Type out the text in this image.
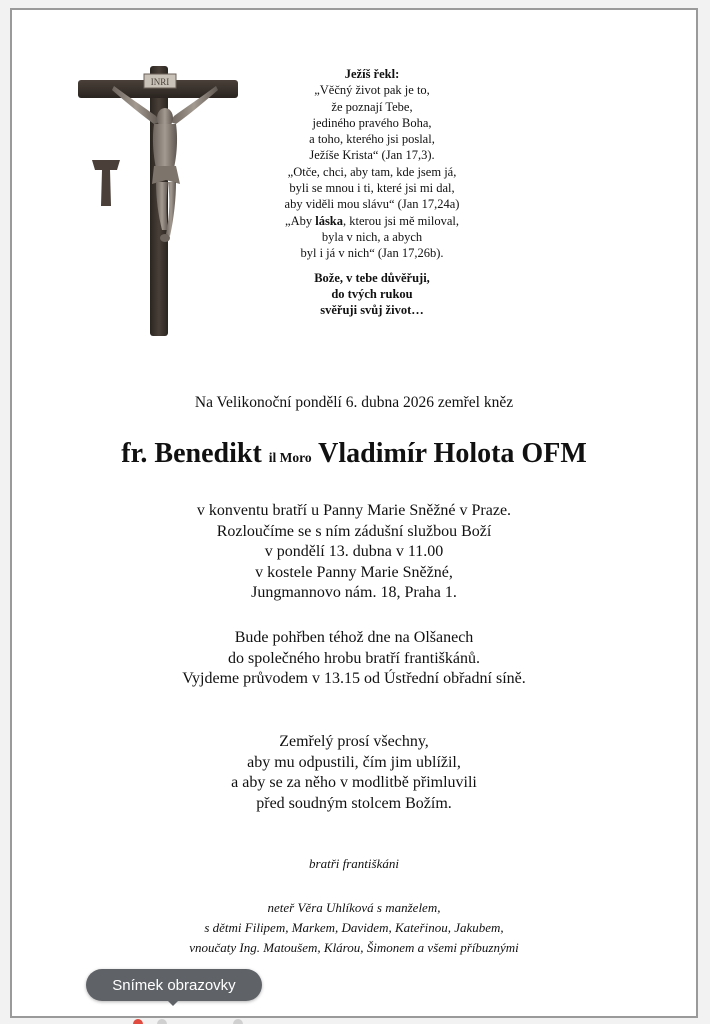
INRI
Ježíš řekl:
„Věčný život pak je to,
že poznají Tebe,
jediného pravého Boha,
a toho, kterého jsi poslal,
Ježíše Krista“ (Jan 17,3).
„Otče, chci, aby tam, kde jsem já,
byli se mnou i ti, které jsi mi dal,
aby viděli mou slávu“ (Jan 17,24a)
„Aby láska, kterou jsi mě miloval,
byla v nich, a abych
byl i já v nich“ (Jan 17,26b).
Bože, v tebe důvěřuji,
do tvých rukou
svěřuji svůj život…
Na Velikonoční pondělí 6. dubna 2026 zemřel kněz
fr. Benedikt il Moro Vladimír Holota OFM
v konventu bratří u Panny Marie Sněžné v Praze.
Rozloučíme se s ním zádušní službou Boží
v pondělí 13. dubna v 11.00
v kostele Panny Marie Sněžné,
Jungmannovo nám. 18, Praha 1.
Bude pohřben téhož dne na Olšanech
do společného hrobu bratří františkánů.
Vyjdeme průvodem v 13.15 od Ústřední obřadní síně.
Zemřelý prosí všechny,
aby mu odpustili, čím jim ublížil,
a aby se za něho v modlitbě přimluvili
před soudným stolcem Božím.
bratři františkáni
neteř Věra Uhlíková s manželem,
s dětmi Filipem, Markem, Davidem, Kateřinou, Jakubem,
vnoučaty Ing. Matoušem, Klárou, Šimonem a všemi příbuznými
Snímek obrazovky
